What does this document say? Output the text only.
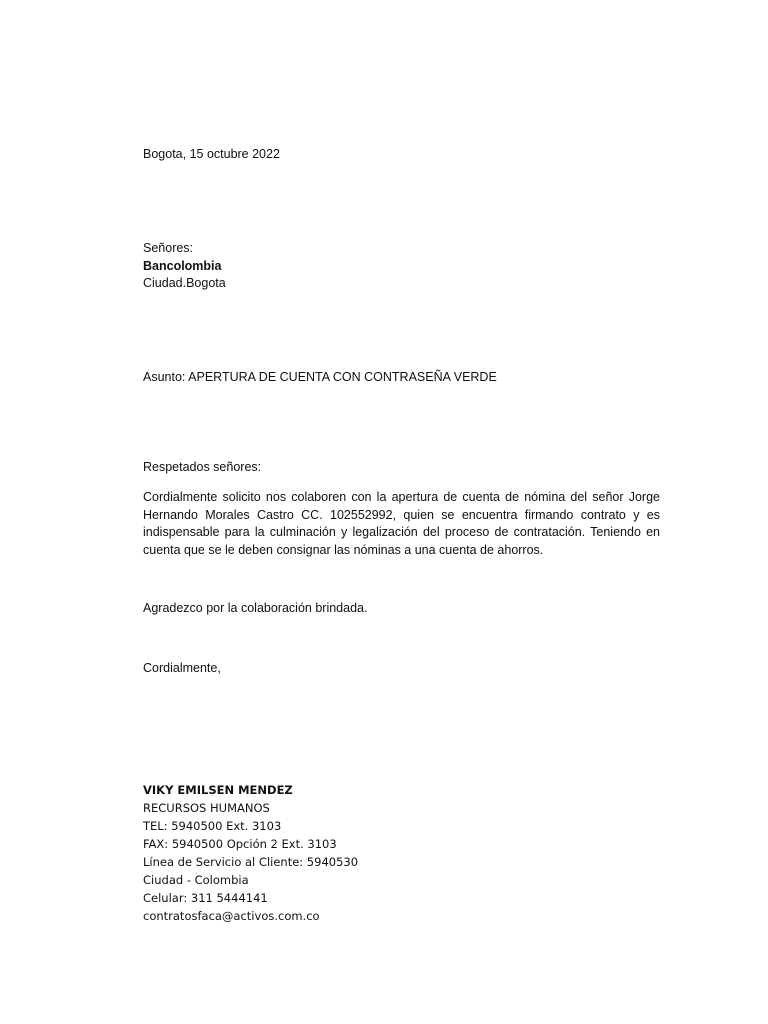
Bogota, 15 octubre 2022
Señores:
Bancolombia
Ciudad.Bogota
Asunto: APERTURA DE CUENTA CON CONTRASEÑA VERDE
Respetados señores:
Cordialmente solicito nos colaboren con la apertura de cuenta de nómina del señor Jorge
Hernando Morales Castro CC. 102552992, quien se encuentra firmando contrato y es
indispensable para la culminación y legalización del proceso de contratación. Teniendo en
cuenta que se le deben consignar las nóminas a una cuenta de ahorros.
Agradezco por la colaboración brindada.
Cordialmente,
VIKY EMILSEN MENDEZ
RECURSOS HUMANOS
TEL: 5940500 Ext. 3103
FAX: 5940500 Opción 2 Ext. 3103
Línea de Servicio al Cliente: 5940530
Ciudad - Colombia
Celular: 311 5444141
contratosfaca@activos.com.co
